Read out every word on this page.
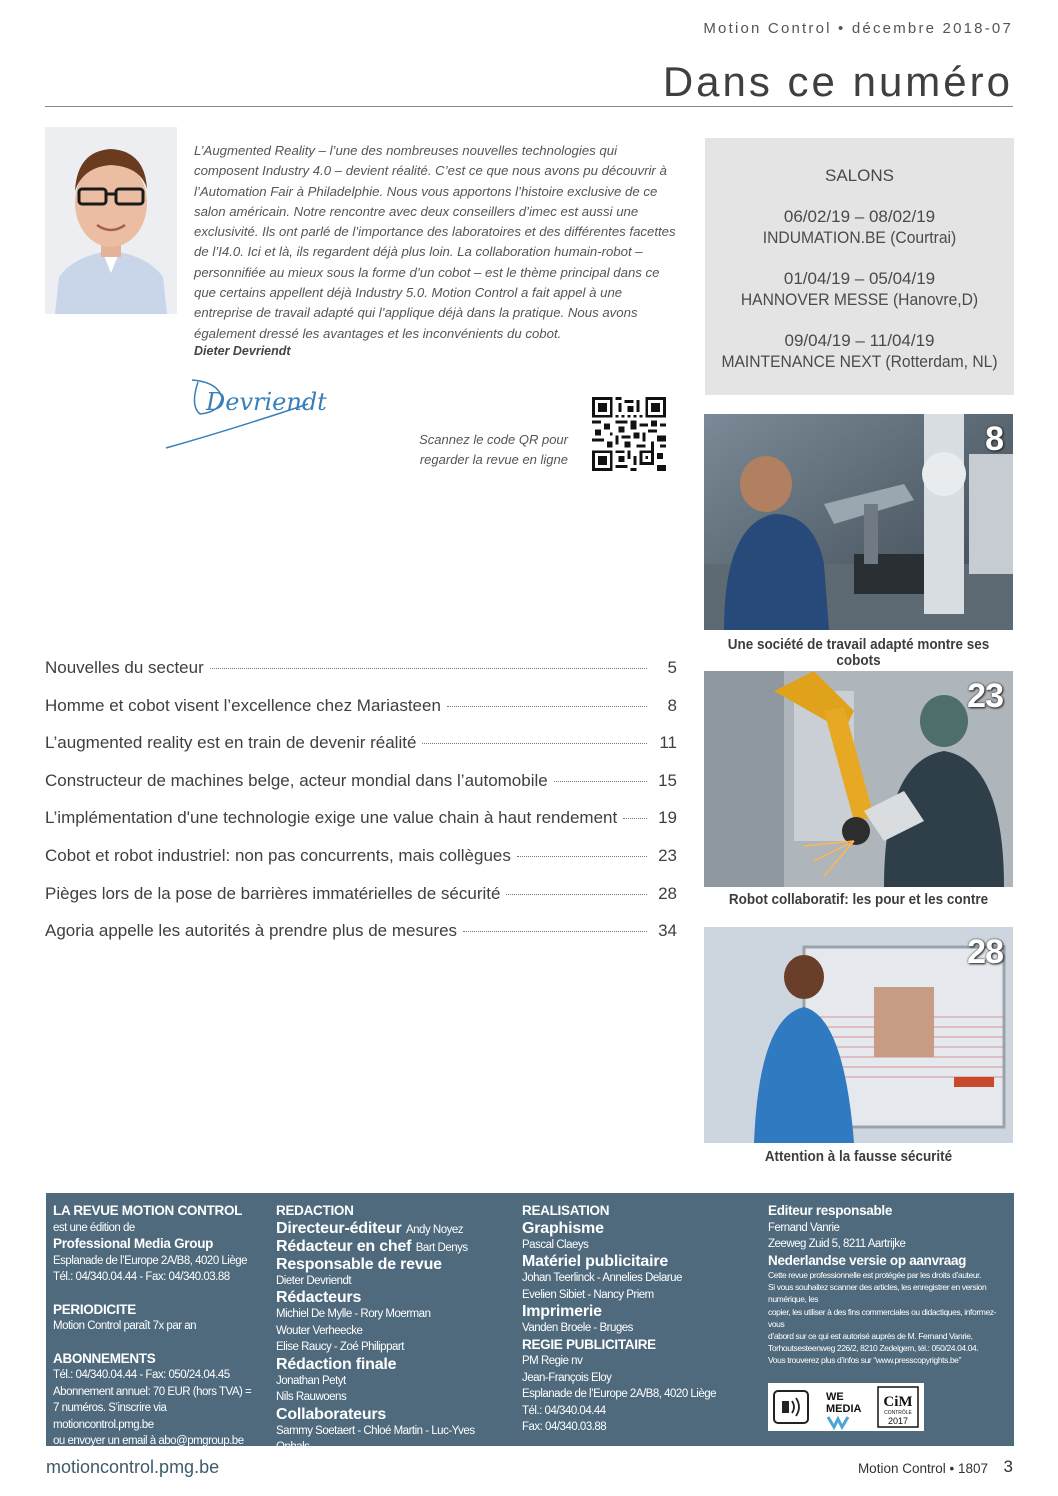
Motion Control • décembre 2018-07
Dans ce numéro

L’Augmented Reality – l’une des nombreuses nouvelles technologies qui composent Industry 4.0 – devient réalité. C’est ce que nous avons pu découvrir à l’Automation Fair à Philadelphie. Nous vous apportons l’histoire exclusive de ce salon américain. Notre rencontre avec deux conseillers d’imec est aussi une exclusivité. Ils ont parlé de l’importance des laboratoires et des différentes facettes de l’I4.0. Ici et là, ils regardent déjà plus loin. La collaboration humain-robot – personnifiée au mieux sous la forme d’un cobot – est le thème principal dans ce que certains appellent déjà Industry 5.0. Motion Control a fait appel à une entreprise de travail adapté qui l’applique déjà dans la pratique. Nous avons également dressé les avantages et les inconvénients du cobot.

Dieter Devriendt
Devriendt
Scannez le code QR pour regarder la revue en ligne
SALONS
06/02/19 – 08/02/19
INDUMATION.BE (Courtrai)
01/04/19 – 05/04/19
HANNOVER MESSE (Hanovre,D)
09/04/19 – 11/04/19
MAINTENANCE NEXT (Rotterdam, NL)
8
Une société de travail adapté montre ses cobots
23
Robot collaboratif: les pour et les contre
28
Attention à la fausse sécurité
Nouvelles du secteur	5
Homme et cobot visent l’excellence chez Mariasteen	8
L’augmented reality est en train de devenir réalité	11
Constructeur de machines belge, acteur mondial dans l’automobile	15
L’implémentation d'une technologie exige une value chain à haut rendement 19
Cobot et robot industriel: non pas concurrents, mais collègues	23
Pièges lors de la pose de barrières immatérielles de sécurité	28
Agoria appelle les autorités à prendre plus de mesures	34
LA REVUE MOTION CONTROL
est une édition de
Professional Media Group
Esplanade de l’Europe 2A/B8, 4020 Liège
Tél.: 04/340.04.44 - Fax: 04/340.03.88
PERIODICITE
Motion Control paraît 7x par an
ABONNEMENTS
Tél.: 04/340.04.44 - Fax: 050/24.04.45
Abonnement annuel: 70 EUR (hors TVA) =
7 numéros. S’inscrire via motioncontrol.pmg.be
ou envoyer un email à abo@pmgroup.be
REDACTION
Directeur-éditeur Andy Noyez
Rédacteur en chef Bart Denys
Responsable de revue
Dieter Devriendt
Rédacteurs
Michiel De Mylle - Rory Moerman
Wouter Verheecke
Elise Raucy - Zoé Philippart
Rédaction finale
Jonathan Petyt
Nils Rauwoens
Collaborateurs
Sammy Soetaert - Chloé Martin - Luc-Yves Ophals
REALISATION
Graphisme
Pascal Claeys
Matériel publicitaire
Johan Teerlinck - Annelies Delarue
Evelien Sibiet - Nancy Priem
Imprimerie
Vanden Broele - Bruges
REGIE PUBLICITAIRE
PM Regie nv
Jean-François Eloy
Esplanade de l’Europe 2A/B8, 4020 Liège
Tél.: 04/340.04.44
Fax: 04/340.03.88
Editeur responsable
Fernand Vanrie
Zeeweg Zuid 5, 8211 Aartrijke
Nederlandse versie op aanvraag
Cette revue professionnelle est protégée par les droits d’auteur.
Si vous souhaitez scanner des articles, les enregistrer en version numérique, les
copier, les utiliser à des fins commerciales ou didactiques, informez-vous
d’abord sur ce qui est autorisé auprès de M. Fernand Vanrie,
Torhoutsesteenweg 226/2, 8210 Zedelgem, tél.: 050/24.04.04.
Vous trouverez plus d’infos sur “www.presscopyrights.be”
WE
MEDIA CiM
CONTRÔLE
2017
motioncontrol.pmg.be	Motion Control • 1807 3
